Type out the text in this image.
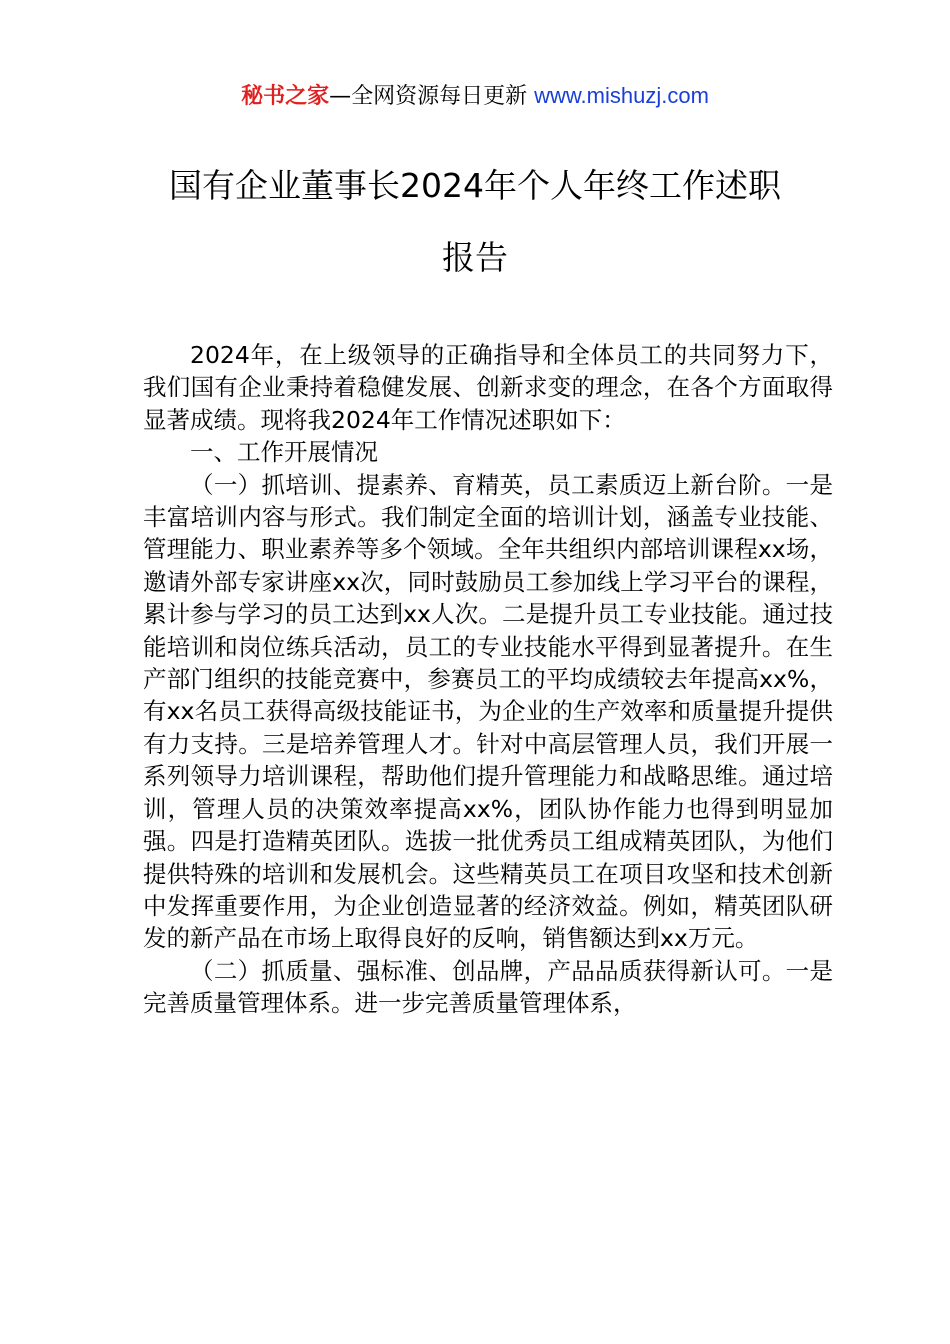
秘书之家—全网资源每日更新 www.mishuzj.com
国有企业董事长2024年个人年终工作述职
报告

2024年，在上级领导的正确指导和全体员工的共同努力下，我们国有企业秉持着稳健发展、创新求变的理念，在各个方面取得显著成绩。现将我2024年工作情况述职如下：

一、工作开展情况

（一）抓培训、提素养、育精英，员工素质迈上新台阶。一是丰富培训内容与形式。我们制定全面的培训计划，涵盖专业技能、管理能力、职业素养等多个领域。全年共组织内部培训课程xx场，邀请外部专家讲座xx次，同时鼓励员工参加线上学习平台的课程，累计参与学习的员工达到xx人次。二是提升员工专业技能。通过技能培训和岗位练兵活动，员工的专业技能水平得到显著提升。在生产部门组织的技能竞赛中，参赛员工的平均成绩较去年提高xx%，有xx名员工获得高级技能证书，为企业的生产效率和质量提升提供有力支持。三是培养管理人才。针对中高层管理人员，我们开展一系列领导力培训课程，帮助他们提升管理能力和战略思维。通过培训，管理人员的决策效率提高xx%，团队协作能力也得到明显加强。四是打造精英团队。选拔一批优秀员工组成精英团队，为他们提供特殊的培训和发展机会。这些精英员工在项目攻坚和技术创新中发挥重要作用，为企业创造显著的经济效益。例如，精英团队研发的新产品在市场上取得良好的反响，销售额达到xx万元。

（二）抓质量、强标准、创品牌，产品品质获得新认可。一是完善质量管理体系。进一步完善质量管理体系，
